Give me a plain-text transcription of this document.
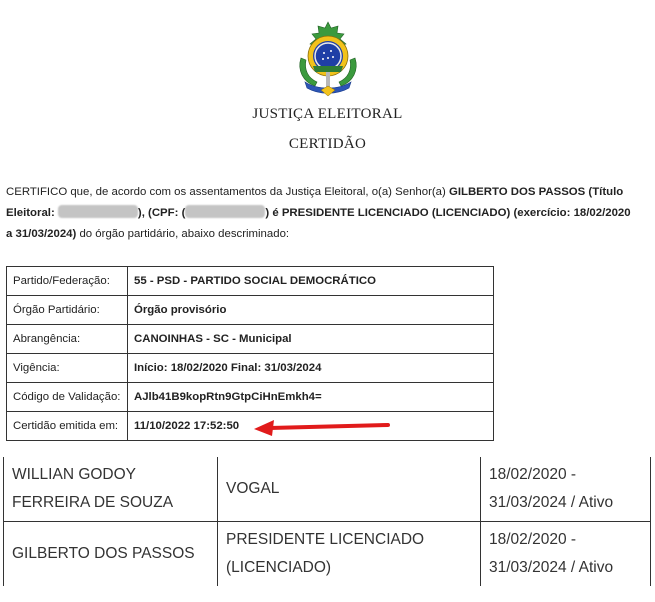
JUSTIÇA ELEITORAL
CERTIDÃO
CERTIFICO que, de acordo com os assentamentos da Justiça Eleitoral, o(a) Senhor(a) GILBERTO DOS PASSOS (Título Eleitoral:	), (CPF: (	) é PRESIDENTE LICENCIADO (LICENCIADO) (exercício: 18/02/2020 a 31/03/2024) do órgão partidário, abaixo descriminado:
Partido/Federação:	55 - PSD - PARTIDO SOCIAL DEMOCRÁTICO
Órgão Partidário:	Órgão provisório
Abrangência:	CANOINHAS - SC - Municipal
Vigência:	Início: 18/02/2020 Final: 31/03/2024
Código de Validação:	AJlb41B9kopRtn9GtpCiHnEmkh4=
Certidão emitida em:	11/10/2022 17:52:50
WILLIAN GODOY FERREIRA DE SOUZA	VOGAL	18/02/2020 - 31/03/2024 / Ativo
GILBERTO DOS PASSOS	PRESIDENTE LICENCIADO (LICENCIADO)	18/02/2020 - 31/03/2024 / Ativo
